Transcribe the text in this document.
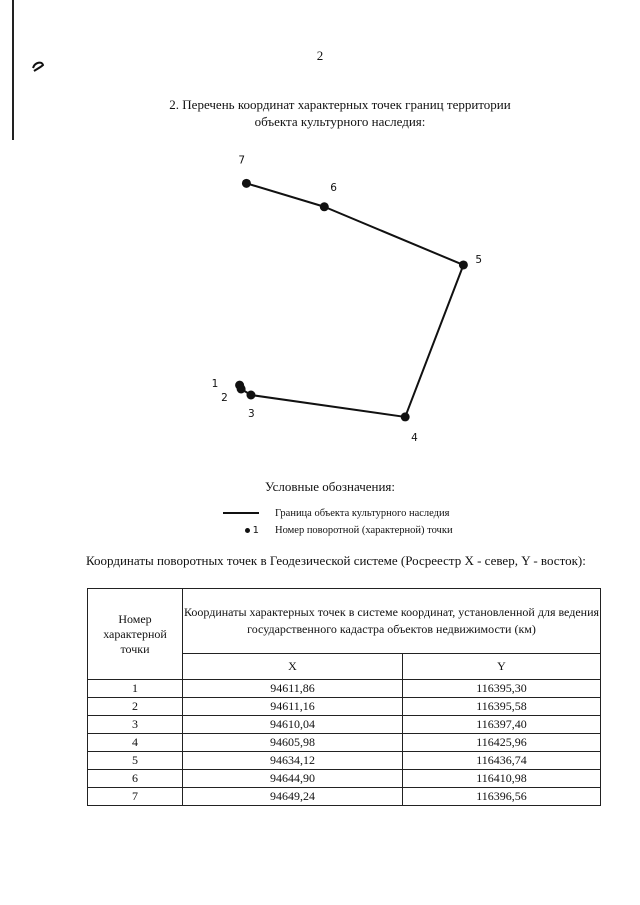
2
2. Перечень координат характерных точек границ территории
объекта культурного наследия:
1
2
3
4
5
6
7
Условные обозначения:
Граница объекта культурного наследия
1 Номер поворотной (характерной) точки
Координаты поворотных точек в Геодезической системе (Росреестр X - север, Y - восток):
Номер характерной точки	Координаты характерных точек в системе координат, установленной для ведения государственного кадастра объектов недвижимости (км)	
	X	Y
1	94611,86	116395,30
2	94611,16	116395,58
3	94610,04	116397,40
4	94605,98	116425,96
5	94634,12	116436,74
6	94644,90	116410,98
7	94649,24	116396,56
